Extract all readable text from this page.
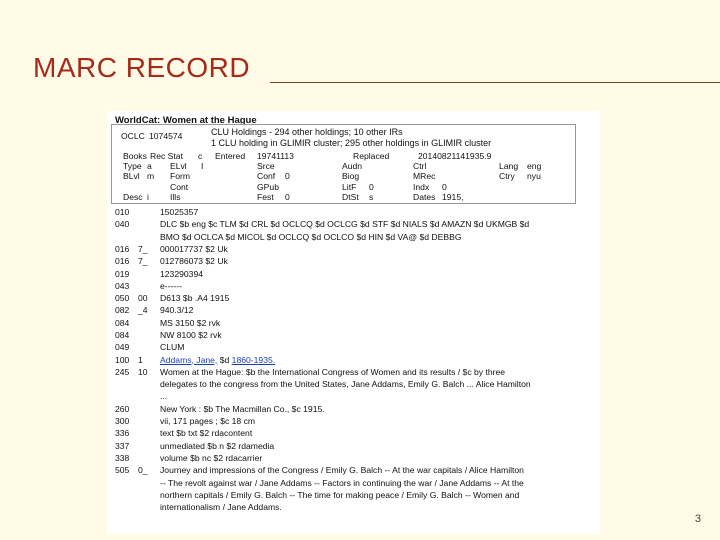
MARC RECORD
WorldCat: Women at the Hague
OCLC 1074574	CLU Holdings - 294 other holdings; 10 other IRs
1 CLU holding in GLIMIR cluster; 295 other holdings in GLIMIR cluster
010	15025357
040	DLC $b eng $c TLM $d CRL $d OCLCQ $d OCLCG $d STF $d NIALS $d AMAZN $d UKMGB $d
BMO $d OCLCA $d MICOL $d OCLCQ $d OCLCO $d HIN $d VA@ $d DEBBG
016 7_ 000017737 $2 Uk
016 7_ 012786073 $2 Uk
019	123290394
043	e------
050 00 D613 $b .A4 1915
082 _4 940.3/12
084	MS 3150 $2 rvk
084	NW 8100 $2 rvk
049	CLUM
100 1 Addams, Jane, $d 1860-1935.
245 10 Women at the Hague: $b the International Congress of Women and its results / $c by three
delegates to the congress from the United States, Jane Addams, Emily G. Balch ... Alice Hamilton
...
260	New York : $b The Macmillan Co., $c 1915.
300	vii, 171 pages ; $c 18 cm
336	text $b txt $2 rdacontent
337	unmediated $b n $2 rdamedia
338	volume $b nc $2 rdacarrier
505 0_ Journey and impressions of the Congress / Emily G. Balch -- At the war capitals / Alice Hamilton
-- The revolt against war / Jane Addams -- Factors in continuing the war / Jane Addams -- At the
northern capitals / Emily G. Balch -- The time for making peace / Emily G. Balch -- Women and
internationalism / Jane Addams.
Books Rec Stat c Entered 19741113	Replaced	20140821141935.9
Type a ELvl I	Srce	Audn	Ctrl	Lang eng
BLvl m Form	Conf 0	Biog	MRec	Ctry nyu
Cont	GPub	LitF 0	Indx 0
Desc i Ills	Fest 0	DtSt s	Dates 1915,
3
